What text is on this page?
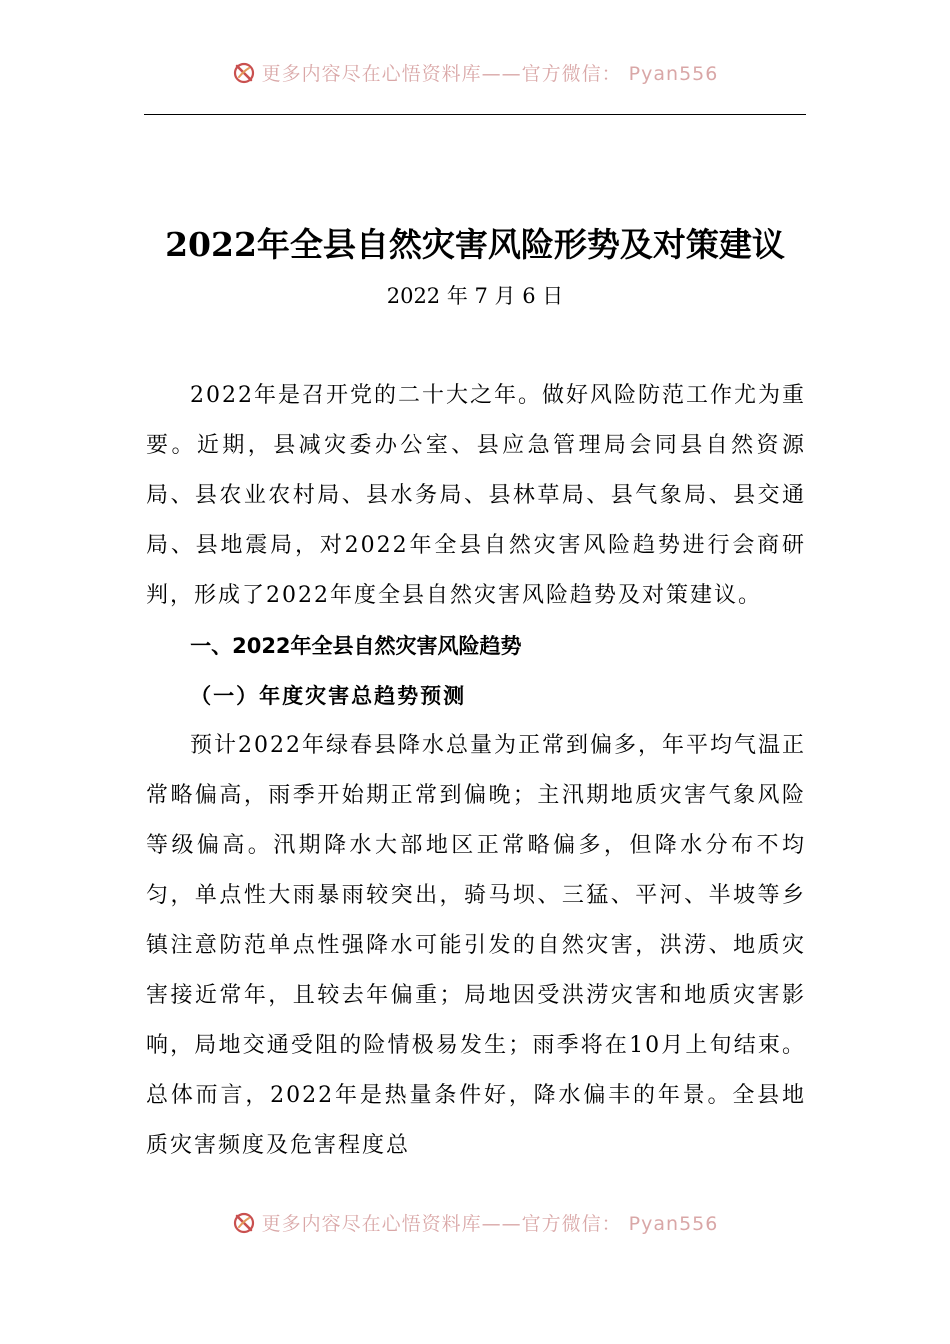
更多内容尽在心悟资料库——官方微信： Pyan556
2022年全县自然灾害风险形势及对策建议
2022 年 7 月 6 日

2022年是召开党的二十大之年。做好风险防范工作尤为重要。近期，县减灾委办公室、县应急管理局会同县自然资源局、县农业农村局、县水务局、县林草局、县气象局、县交通局、县地震局，对2022年全县自然灾害风险趋势进行会商研判，形成了2022年度全县自然灾害风险趋势及对策建议。

一、2022年全县自然灾害风险趋势

（一）年度灾害总趋势预测

预计2022年绿春县降水总量为正常到偏多，年平均气温正常略偏高，雨季开始期正常到偏晚；主汛期地质灾害气象风险等级偏高。汛期降水大部地区正常略偏多，但降水分布不均匀，单点性大雨暴雨较突出，骑马坝、三猛、平河、半坡等乡镇注意防范单点性强降水可能引发的自然灾害，洪涝、地质灾害接近常年，且较去年偏重；局地因受洪涝灾害和地质灾害影响，局地交通受阻的险情极易发生；雨季将在10月上旬结束。总体而言，2022年是热量条件好，降水偏丰的年景。全县地质灾害频度及危害程度总

更多内容尽在心悟资料库——官方微信： Pyan556
